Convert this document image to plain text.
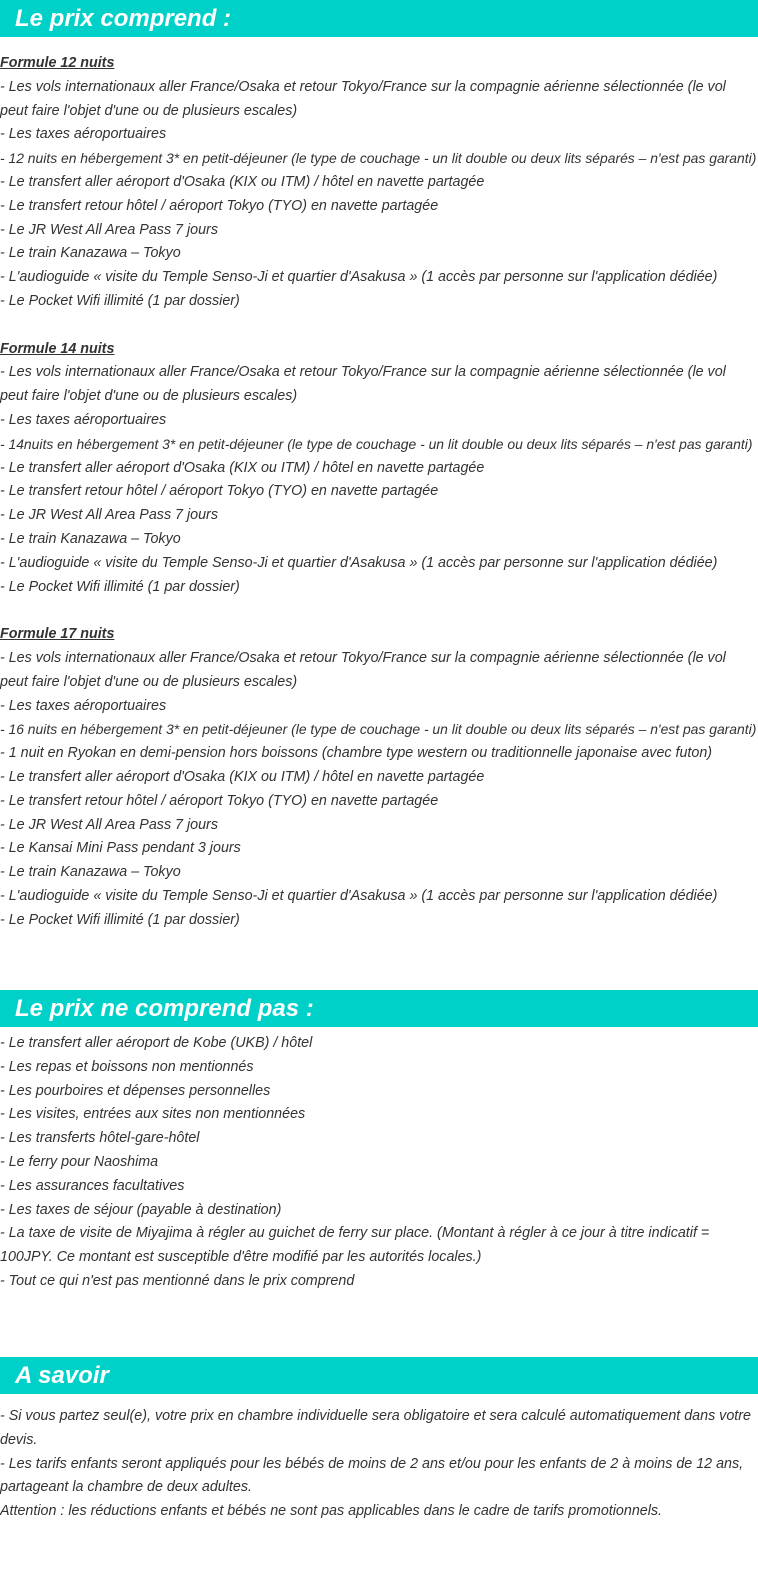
Le prix comprend :
Formule 12 nuits
- Les vols internationaux aller France/Osaka et retour Tokyo/France sur la compagnie aérienne sélectionnée (le vol peut faire l'objet d'une ou de plusieurs escales)
- Les taxes aéroportuaires
- 12 nuits en hébergement 3* en petit-déjeuner (le type de couchage - un lit double ou deux lits séparés – n'est pas garanti)
- Le transfert aller aéroport d'Osaka (KIX ou ITM) / hôtel en navette partagée
- Le transfert retour hôtel / aéroport Tokyo (TYO) en navette partagée
- Le JR West All Area Pass 7 jours
- Le train Kanazawa – Tokyo
- L'audioguide « visite du Temple Senso-Ji et quartier d'Asakusa » (1 accès par personne sur l'application dédiée)
- Le Pocket Wifi illimité (1 par dossier)
Formule 14 nuits
- Les vols internationaux aller France/Osaka et retour Tokyo/France sur la compagnie aérienne sélectionnée (le vol peut faire l'objet d'une ou de plusieurs escales)
- Les taxes aéroportuaires
- 14nuits en hébergement 3* en petit-déjeuner (le type de couchage - un lit double ou deux lits séparés – n'est pas garanti)
- Le transfert aller aéroport d'Osaka (KIX ou ITM) / hôtel en navette partagée
- Le transfert retour hôtel / aéroport Tokyo (TYO) en navette partagée
- Le JR West All Area Pass 7 jours
- Le train Kanazawa – Tokyo
- L'audioguide « visite du Temple Senso-Ji et quartier d'Asakusa » (1 accès par personne sur l'application dédiée)
- Le Pocket Wifi illimité (1 par dossier)
Formule 17 nuits
- Les vols internationaux aller France/Osaka et retour Tokyo/France sur la compagnie aérienne sélectionnée (le vol peut faire l'objet d'une ou de plusieurs escales)
- Les taxes aéroportuaires
- 16 nuits en hébergement 3* en petit-déjeuner (le type de couchage - un lit double ou deux lits séparés – n'est pas garanti)
- 1 nuit en Ryokan en demi-pension hors boissons (chambre type western ou traditionnelle japonaise avec futon)
- Le transfert aller aéroport d'Osaka (KIX ou ITM) / hôtel en navette partagée
- Le transfert retour hôtel / aéroport Tokyo (TYO) en navette partagée
- Le JR West All Area Pass 7 jours
- Le Kansai Mini Pass pendant 3 jours
- Le train Kanazawa – Tokyo
- L'audioguide « visite du Temple Senso-Ji et quartier d'Asakusa » (1 accès par personne sur l'application dédiée)
- Le Pocket Wifi illimité (1 par dossier)
Le prix ne comprend pas :
- Le transfert aller aéroport de Kobe (UKB) / hôtel
- Les repas et boissons non mentionnés
- Les pourboires et dépenses personnelles
- Les visites, entrées aux sites non mentionnées
- Les transferts hôtel-gare-hôtel
- Le ferry pour Naoshima
- Les assurances facultatives
- Les taxes de séjour (payable à destination)
- La taxe de visite de Miyajima à régler au guichet de ferry sur place. (Montant à régler à ce jour à titre indicatif = 100JPY. Ce montant est susceptible d'être modifié par les autorités locales.)
- Tout ce qui n'est pas mentionné dans le prix comprend
A savoir
- Si vous partez seul(e), votre prix en chambre individuelle sera obligatoire et sera calculé automatiquement dans votre devis.
- Les tarifs enfants seront appliqués pour les bébés de moins de 2 ans et/ou pour les enfants de 2 à moins de 12 ans, partageant la chambre de deux adultes.
Attention : les réductions enfants et bébés ne sont pas applicables dans le cadre de tarifs promotionnels.
